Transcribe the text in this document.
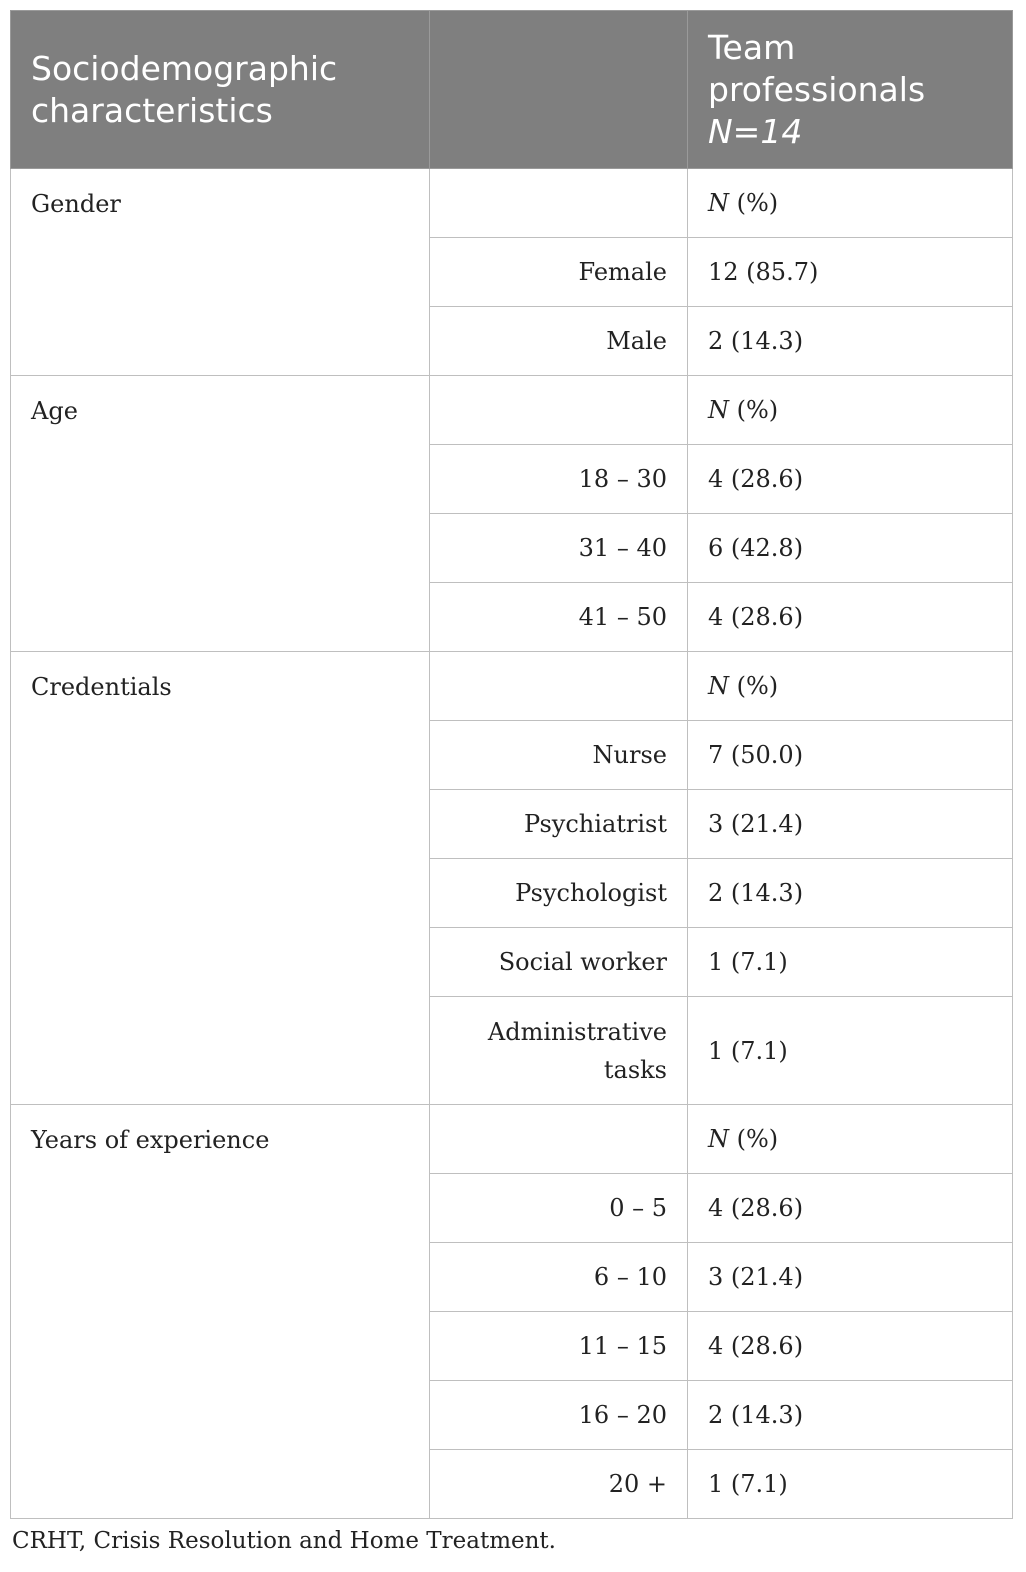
Sociodemographic characteristics		Team professionals
N=14

Gender		N (%)
	Female	12 (85.7)
	Male	2 (14.3)
Age		N (%)
	18 – 30	4 (28.6)
	31 – 40	6 (42.8)
	41 – 50	4 (28.6)
Credentials		N (%)
	Nurse	7 (50.0)
	Psychiatrist	3 (21.4)
	Psychologist	2 (14.3)
	Social worker	1 (7.1)
	Administrative tasks	1 (7.1)
Years of experience		N (%)
	0 – 5	4 (28.6)
	6 – 10	3 (21.4)
	11 – 15	4 (28.6)
	16 – 20	2 (14.3)
	20 +	1 (7.1)
CRHT, Crisis Resolution and Home Treatment.
